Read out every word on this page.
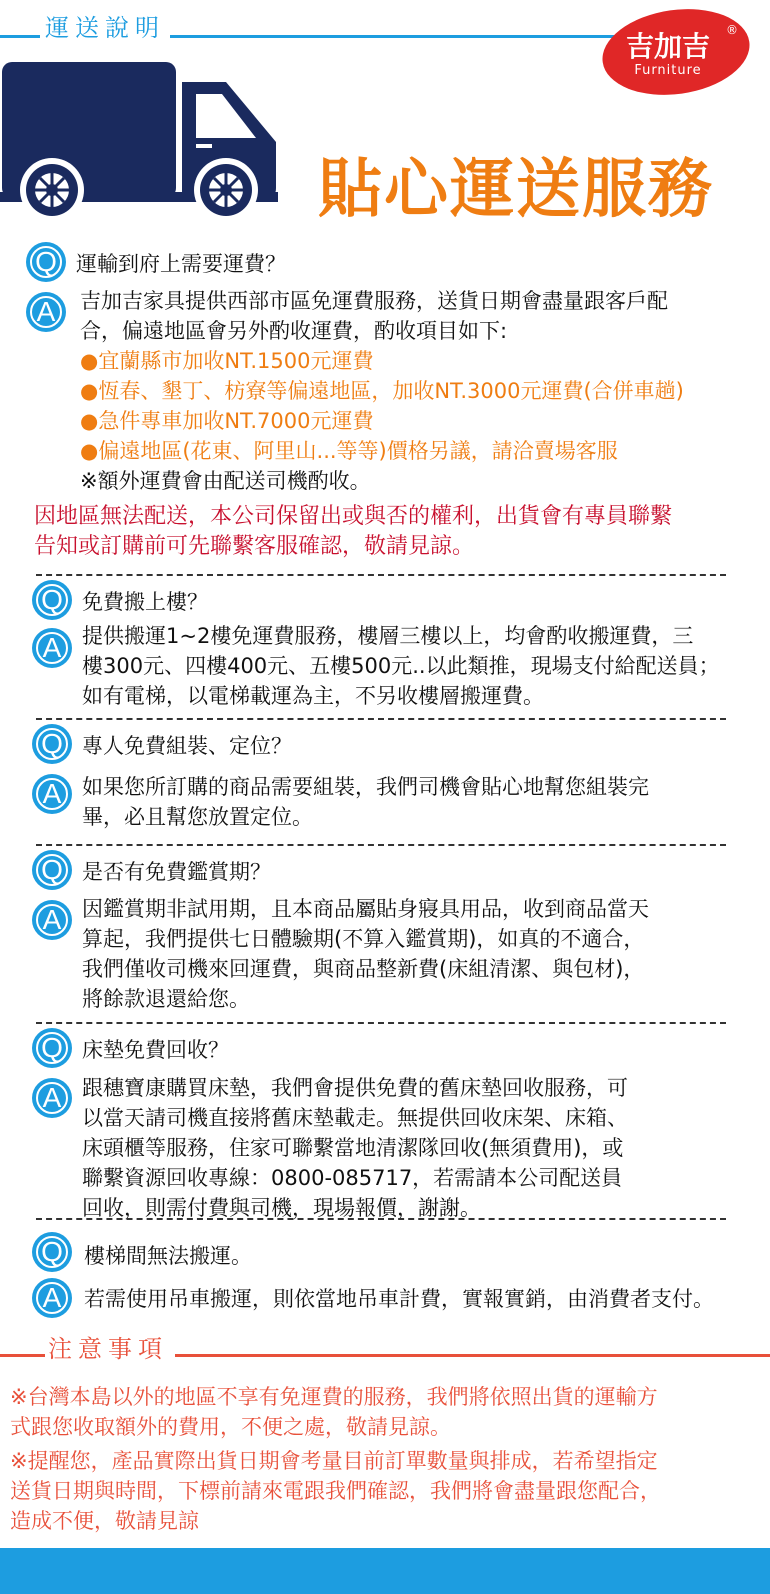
運送說明
吉加吉
Furniture
®
貼心運送服務
Q 運輸到府上需要運費？
A	吉加吉家具提供西部市區免運費服務，送貨日期會盡量跟客戶配
合，偏遠地區會另外酌收運費，酌收項目如下:
●宜蘭縣市加收NT.1500元運費
●恆春、墾丁、枋寮等偏遠地區，加收NT.3000元運費(合併車趟)
●急件專車加收NT.7000元運費
●偏遠地區(花東、阿里山...等等)價格另議，請洽賣場客服
※額外運費會由配送司機酌收。
因地區無法配送，本公司保留出或與否的權利，出貨會有專員聯繫
告知或訂購前可先聯繫客服確認，敬請見諒。
Q 免費搬上樓？
A 提供搬運1~2樓免運費服務，樓層三樓以上，均會酌收搬運費，三
樓300元、四樓400元、五樓500元..以此類推，現場支付給配送員；
如有電梯，以電梯載運為主，不另收樓層搬運費。
Q 專人免費組裝、定位？
A 如果您所訂購的商品需要組裝，我們司機會貼心地幫您組裝完
畢，必且幫您放置定位。
Q 是否有免費鑑賞期？
A 因鑑賞期非試用期，且本商品屬貼身寢具用品，收到商品當天
算起，我們提供七日體驗期(不算入鑑賞期)，如真的不適合，
我們僅收司機來回運費，與商品整新費(床組清潔、與包材)，
將餘款退還給您。
Q 床墊免費回收？
A 跟穗寶康購買床墊，我們會提供免費的舊床墊回收服務，可
以當天請司機直接將舊床墊載走。無提供回收床架、床箱、
床頭櫃等服務，住家可聯繫當地清潔隊回收(無須費用)，或
聯繫資源回收專線：0800-085717，若需請本公司配送員
回收，則需付費與司機，現場報價，謝謝。
Q	樓梯間無法搬運。
A	若需使用吊車搬運，則依當地吊車計費，實報實銷，由消費者支付。
注意事項
※台灣本島以外的地區不享有免運費的服務，我們將依照出貨的運輸方
式跟您收取額外的費用，不便之處，敬請見諒。
※提醒您，產品實際出貨日期會考量目前訂單數量與排成，若希望指定
送貨日期與時間，下標前請來電跟我們確認，我們將會盡量跟您配合，
造成不便，敬請見諒
